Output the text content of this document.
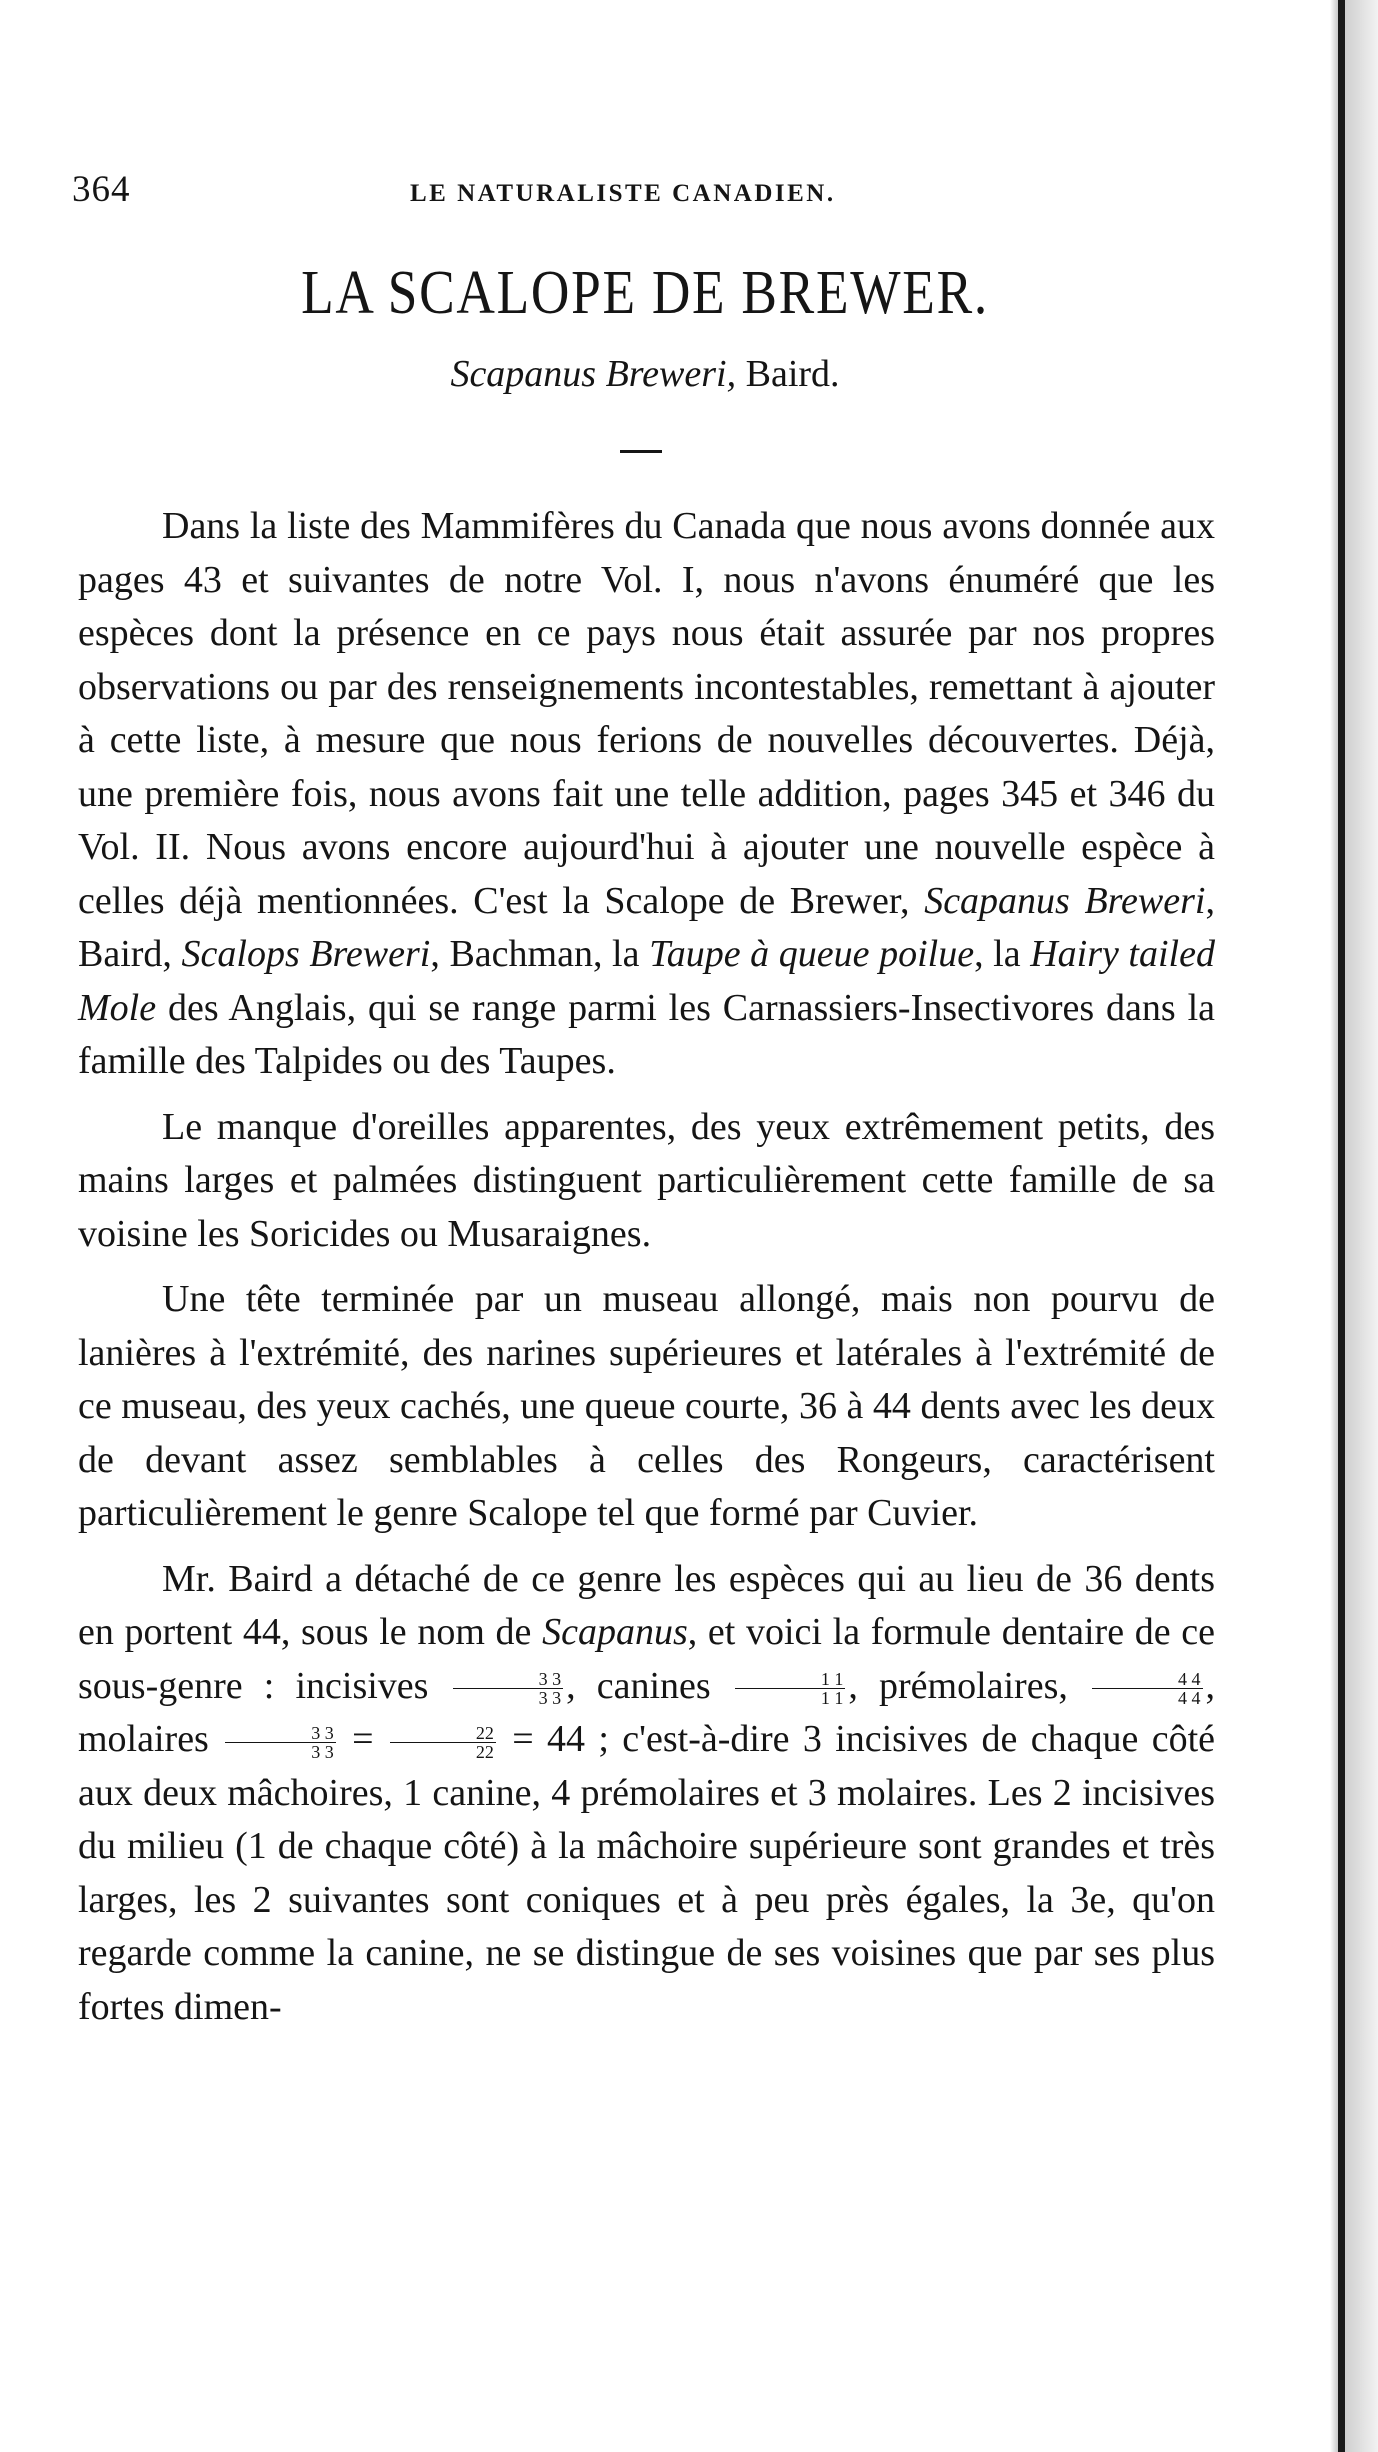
364	LE NATURALISTE CANADIEN.
LA SCALOPE DE BREWER.
Scapanus Breweri, Baird.

Dans la liste des Mammifères du Canada que nous avons donnée aux pages 43 et suivantes de notre Vol. I, nous n'avons énuméré que les espèces dont la présence en ce pays nous était assurée par nos propres observations ou par des renseignements incontestables, remettant à ajouter à cette liste, à mesure que nous ferions de nouvelles découvertes. Déjà, une première fois, nous avons fait une telle addition, pages 345 et 346 du Vol. II. Nous avons encore aujourd'hui à ajouter une nouvelle espèce à celles déjà mentionnées. C'est la Scalope de Brewer, Scapanus Breweri, Baird, Scalops Breweri, Bachman, la Taupe à queue poilue, la Hairy tailed Mole des Anglais, qui se range parmi les Carnassiers-Insectivores dans la famille des Talpides ou des Taupes.

Le manque d'oreilles apparentes, des yeux extrêmement petits, des mains larges et palmées distinguent particulièrement cette famille de sa voisine les Soricides ou Musaraignes.

Une tête terminée par un museau allongé, mais non pourvu de lanières à l'extrémité, des narines supérieures et latérales à l'extrémité de ce museau, des yeux cachés, une queue courte, 36 à 44 dents avec les deux de devant assez semblables à celles des Rongeurs, caractérisent particulièrement le genre Scalope tel que formé par Cuvier.

Mr. Baird a détaché de ce genre les espèces qui au lieu de 36 dents en portent 44, sous le nom de Scapanus, et voici la formule dentaire de ce sous-genre : incisives $\frac{3 3}{3 3}$ , canines $\frac{1 1}{1 1}$ , prémolaires, $\frac{4 4}{4 4}$ , molaires $\frac{3 3}{3 3} = \frac{22}{22} = 44$ ; c'est-à-dire 3 incisives de chaque côté aux deux mâchoires, 1 canine, 4 prémolaires et 3 molaires. Les 2 incisives du milieu (1 de chaque côté) à la mâchoire supérieure sont grandes et très larges, les 2 suivantes sont coniques et à peu près égales, la 3e, qu'on regarde comme la canine, ne se distingue de ses voisines que par ses plus fortes dimen-
